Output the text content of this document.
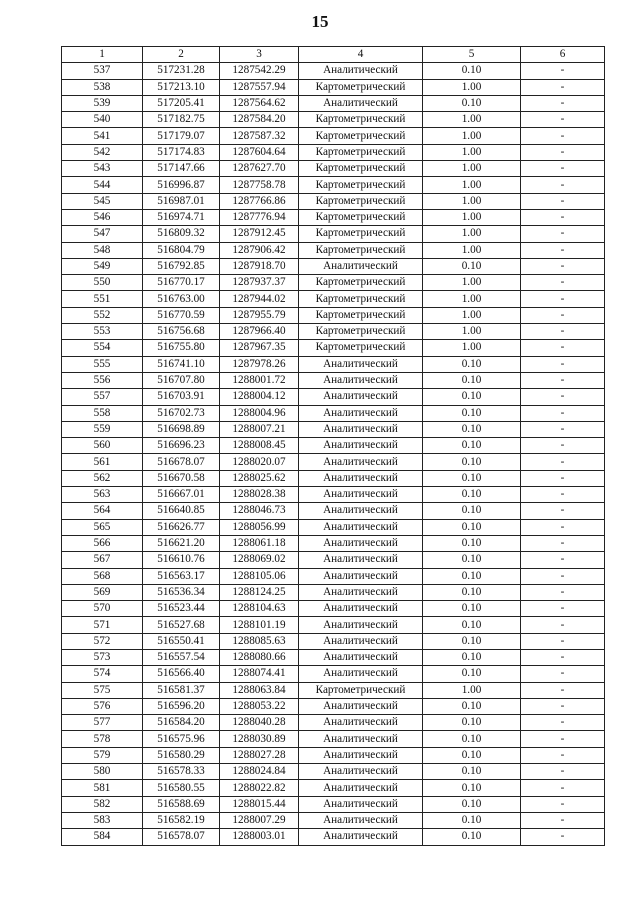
15
1	2	3	4	5	6
537	517231.28	1287542.29	Аналитический	0.10	-
538	517213.10	1287557.94	Картометрический	1.00	-
539	517205.41	1287564.62	Аналитический	0.10	-
540	517182.75	1287584.20	Картометрический	1.00	-
541	517179.07	1287587.32	Картометрический	1.00	-
542	517174.83	1287604.64	Картометрический	1.00	-
543	517147.66	1287627.70	Картометрический	1.00	-
544	516996.87	1287758.78	Картометрический	1.00	-
545	516987.01	1287766.86	Картометрический	1.00	-
546	516974.71	1287776.94	Картометрический	1.00	-
547	516809.32	1287912.45	Картометрический	1.00	-
548	516804.79	1287906.42	Картометрический	1.00	-
549	516792.85	1287918.70	Аналитический	0.10	-
550	516770.17	1287937.37	Картометрический	1.00	-
551	516763.00	1287944.02	Картометрический	1.00	-
552	516770.59	1287955.79	Картометрический	1.00	-
553	516756.68	1287966.40	Картометрический	1.00	-
554	516755.80	1287967.35	Картометрический	1.00	-
555	516741.10	1287978.26	Аналитический	0.10	-
556	516707.80	1288001.72	Аналитический	0.10	-
557	516703.91	1288004.12	Аналитический	0.10	-
558	516702.73	1288004.96	Аналитический	0.10	-
559	516698.89	1288007.21	Аналитический	0.10	-
560	516696.23	1288008.45	Аналитический	0.10	-
561	516678.07	1288020.07	Аналитический	0.10	-
562	516670.58	1288025.62	Аналитический	0.10	-
563	516667.01	1288028.38	Аналитический	0.10	-
564	516640.85	1288046.73	Аналитический	0.10	-
565	516626.77	1288056.99	Аналитический	0.10	-
566	516621.20	1288061.18	Аналитический	0.10	-
567	516610.76	1288069.02	Аналитический	0.10	-
568	516563.17	1288105.06	Аналитический	0.10	-
569	516536.34	1288124.25	Аналитический	0.10	-
570	516523.44	1288104.63	Аналитический	0.10	-
571	516527.68	1288101.19	Аналитический	0.10	-
572	516550.41	1288085.63	Аналитический	0.10	-
573	516557.54	1288080.66	Аналитический	0.10	-
574	516566.40	1288074.41	Аналитический	0.10	-
575	516581.37	1288063.84	Картометрический	1.00	-
576	516596.20	1288053.22	Аналитический	0.10	-
577	516584.20	1288040.28	Аналитический	0.10	-
578	516575.96	1288030.89	Аналитический	0.10	-
579	516580.29	1288027.28	Аналитический	0.10	-
580	516578.33	1288024.84	Аналитический	0.10	-
581	516580.55	1288022.82	Аналитический	0.10	-
582	516588.69	1288015.44	Аналитический	0.10	-
583	516582.19	1288007.29	Аналитический	0.10	-
584	516578.07	1288003.01	Аналитический	0.10	-
